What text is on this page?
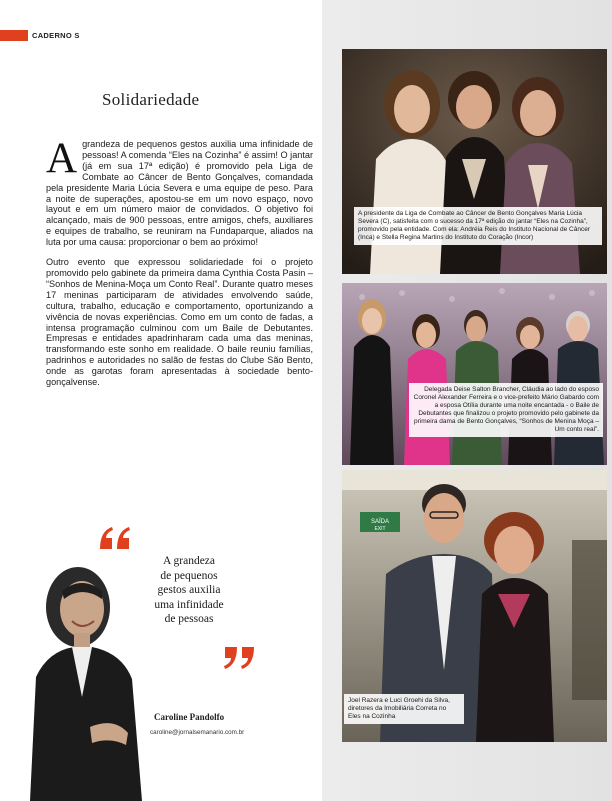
CADERNO S
Solidariedade

A grandeza de pequenos gestos auxilia uma infinidade de pessoas! A comenda “Eles na Cozinha” é assim! O jantar (já em sua 17ª edição) é promovido pela Liga de Combate ao Câncer de Bento Gonçalves, comandada pela presidente Maria Lúcia Severa e uma equipe de peso. Para a noite de superações, apostou-se em um novo espaço, novo layout e em um número maior de convidados. O objetivo foi alcançado, mais de 900 pessoas, entre amigos, chefs, auxiliares e equipes de trabalho, se reuniram na Fundaparque, aliados na luta por uma causa: proporcionar o bem ao próximo!

Outro evento que expressou solidariedade foi o projeto promovido pelo gabinete da primeira dama Cynthia Costa Pasin – “Sonhos de Menina-Moça um Conto Real”. Durante quatro meses 17 meninas participaram de atividades envolvendo saúde, cultura, trabalho, educação e comportamento, oportunizando a vivência de novas experiências. Como em um conto de fadas, a intensa programação culminou com um Baile de Debutantes. Empresas e entidades apadrinharam cada uma das meninas, transformando este sonho em realidade. O baile reuniu famílias, padrinhos e autoridades no salão de festas do Clube São Bento, onde as garotas foram apresentadas à sociedade bento-gonçalvense.

A grandeza
de pequenos
gestos auxilia
uma infinidade
de pessoas
Caroline Pandolfo
caroline@jornalsemanario.com.br
A presidente da Liga de Combate ao Câncer de Bento Gonçalves Maria Lúcia Severa (C), satisfeita com o sucesso da 17ª edição do jantar “Eles na Cozinha”, promovido pela entidade. Com ela: Andréia Reis do Instituto Nacional de Câncer (Inca) e Stella Regina Martins do Instituto do Coração (Incor)
Delegada Deise Salton Brancher, Cláudia ao lado do esposo Coronel Alexander Ferreira e o vice-prefeito Mário Gabardo com a esposa Otília durante uma noite encantada - o Baile de Debutantes que finalizou o projeto promovido pelo gabinete da primeira dama de Bento Gonçalves, “Sonhos de Menina Moça – Um conto real”.
SAÍDA
EXIT
Joel Razera e Luci Groehi da Silva, diretores da Imobiliária Correta no Eles na Cozinha
